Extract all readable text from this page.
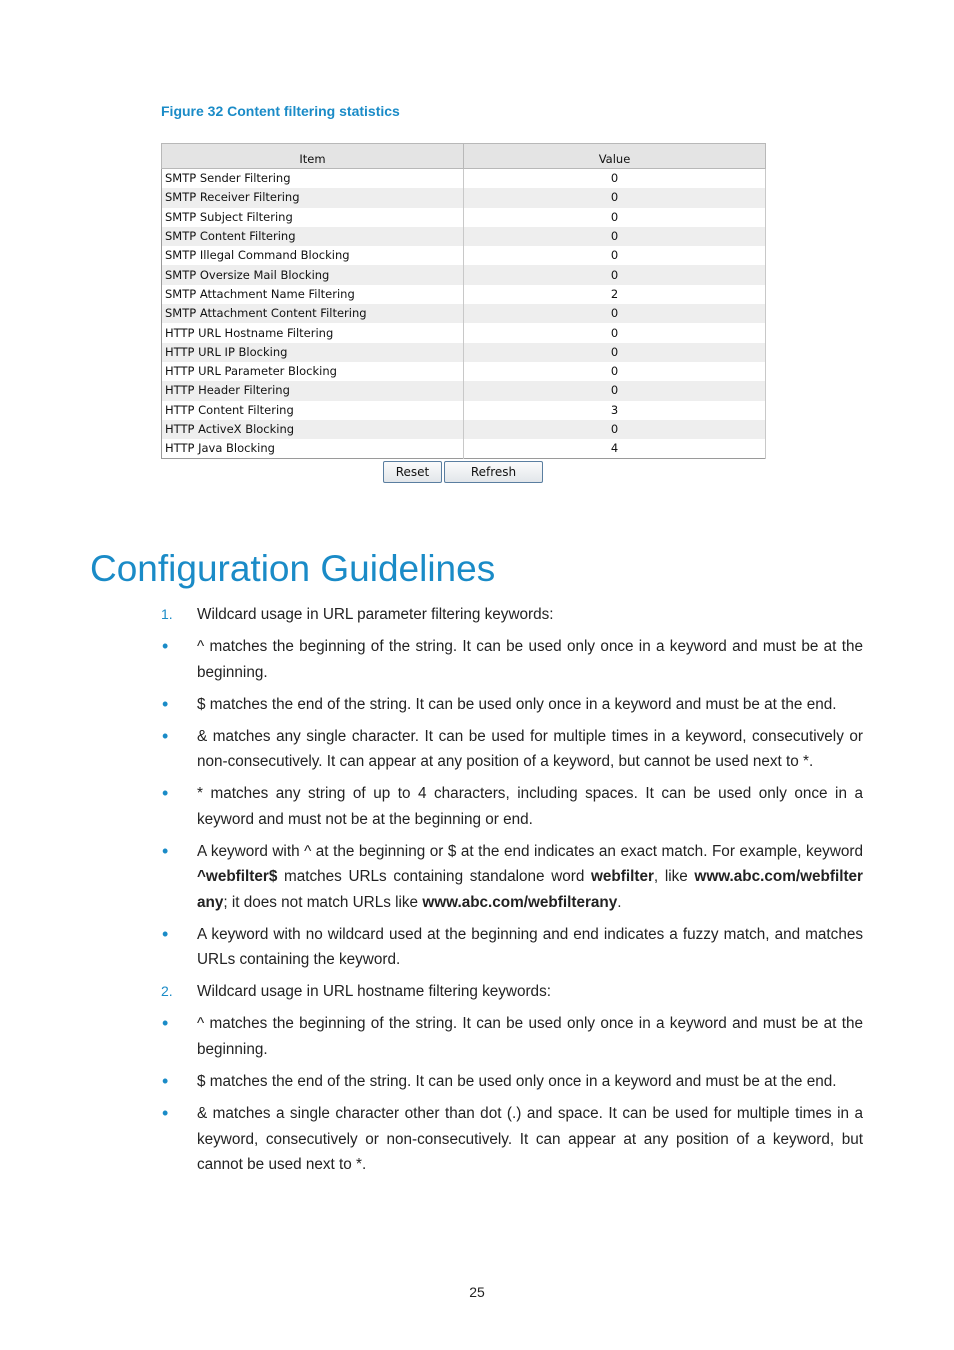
Figure 32 Content filtering statistics
Item	Value
SMTP Sender Filtering	0
SMTP Receiver Filtering	0
SMTP Subject Filtering	0
SMTP Content Filtering	0
SMTP Illegal Command Blocking	0
SMTP Oversize Mail Blocking	0
SMTP Attachment Name Filtering	2
SMTP Attachment Content Filtering	0
HTTP URL Hostname Filtering	0
HTTP URL IP Blocking	0
HTTP URL Parameter Blocking	0
HTTP Header Filtering	0
HTTP Content Filtering	3
HTTP ActiveX Blocking	0
HTTP Java Blocking	4
Reset	Refresh
Configuration Guidelines
1. Wildcard usage in URL parameter filtering keywords:
• ^ matches the beginning of the string. It can be used only once in a keyword and must be at the beginning.
• $ matches the end of the string. It can be used only once in a keyword and must be at the end.
• & matches any single character. It can be used for multiple times in a keyword, consecutively or non-consecutively. It can appear at any position of a keyword, but cannot be used next to *.
• * matches any string of up to 4 characters, including spaces. It can be used only once in a keyword and must not be at the beginning or end.
• A keyword with ^ at the beginning or $ at the end indicates an exact match. For example, keyword ^webfilter$ matches URLs containing standalone word webfilter, like www.abc.com/webfilter any; it does not match URLs like www.abc.com/webfilterany.
• A keyword with no wildcard used at the beginning and end indicates a fuzzy match, and matches URLs containing the keyword.
2. Wildcard usage in URL hostname filtering keywords:
• ^ matches the beginning of the string. It can be used only once in a keyword and must be at the beginning.
• $ matches the end of the string. It can be used only once in a keyword and must be at the end.
• & matches a single character other than dot (.) and space. It can be used for multiple times in a keyword, consecutively or non-consecutively. It can appear at any position of a keyword, but cannot be used next to *.
25
